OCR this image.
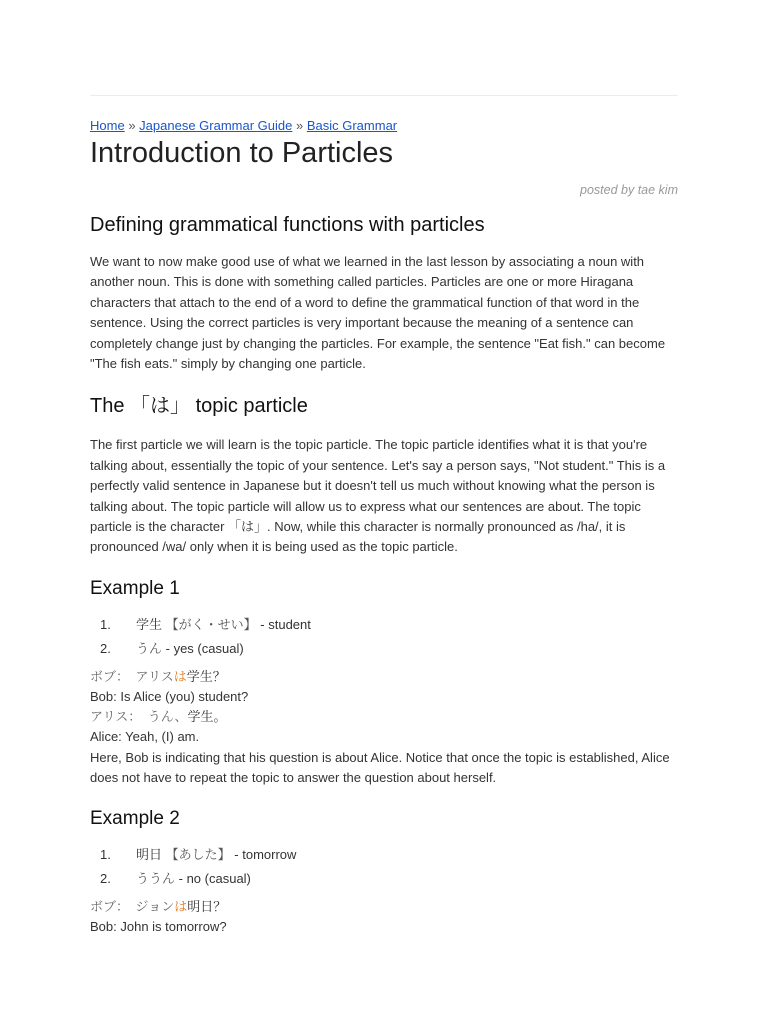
Home » Japanese Grammar Guide » Basic Grammar
Introduction to Particles
posted by tae kim
Defining grammatical functions with particles

We want to now make good use of what we learned in the last lesson by associating a noun with another noun. This is done with something called particles. Particles are one or more Hiragana characters that attach to the end of a word to define the grammatical function of that word in the sentence. Using the correct particles is very important because the meaning of a sentence can completely change just by changing the particles. For example, the sentence "Eat fish." can become "The fish eats." simply by changing one particle.

The 「は」 topic particle

The first particle we will learn is the topic particle. The topic particle identifies what it is that you're talking about, essentially the topic of your sentence. Let's say a person says, "Not student." This is a perfectly valid sentence in Japanese but it doesn't tell us much without knowing what the person is talking about. The topic particle will allow us to express what our sentences are about. The topic particle is the character 「は」. Now, while this character is normally pronounced as /ha/, it is pronounced /wa/ only when it is being used as the topic particle.

Example 1
1. 学生 【がく・せい】 - student
2. うん - yes (casual)
ボブ：　アリスは学生？
Bob: Is Alice (you) student?
アリス：　うん、学生。
Alice: Yeah, (I) am.

Here, Bob is indicating that his question is about Alice. Notice that once the topic is established, Alice does not have to repeat the topic to answer the question about herself.

Example 2
1. 明日 【あした】 - tomorrow
2. ううん - no (casual)
ボブ：　ジョンは明日？
Bob: John is tomorrow?
